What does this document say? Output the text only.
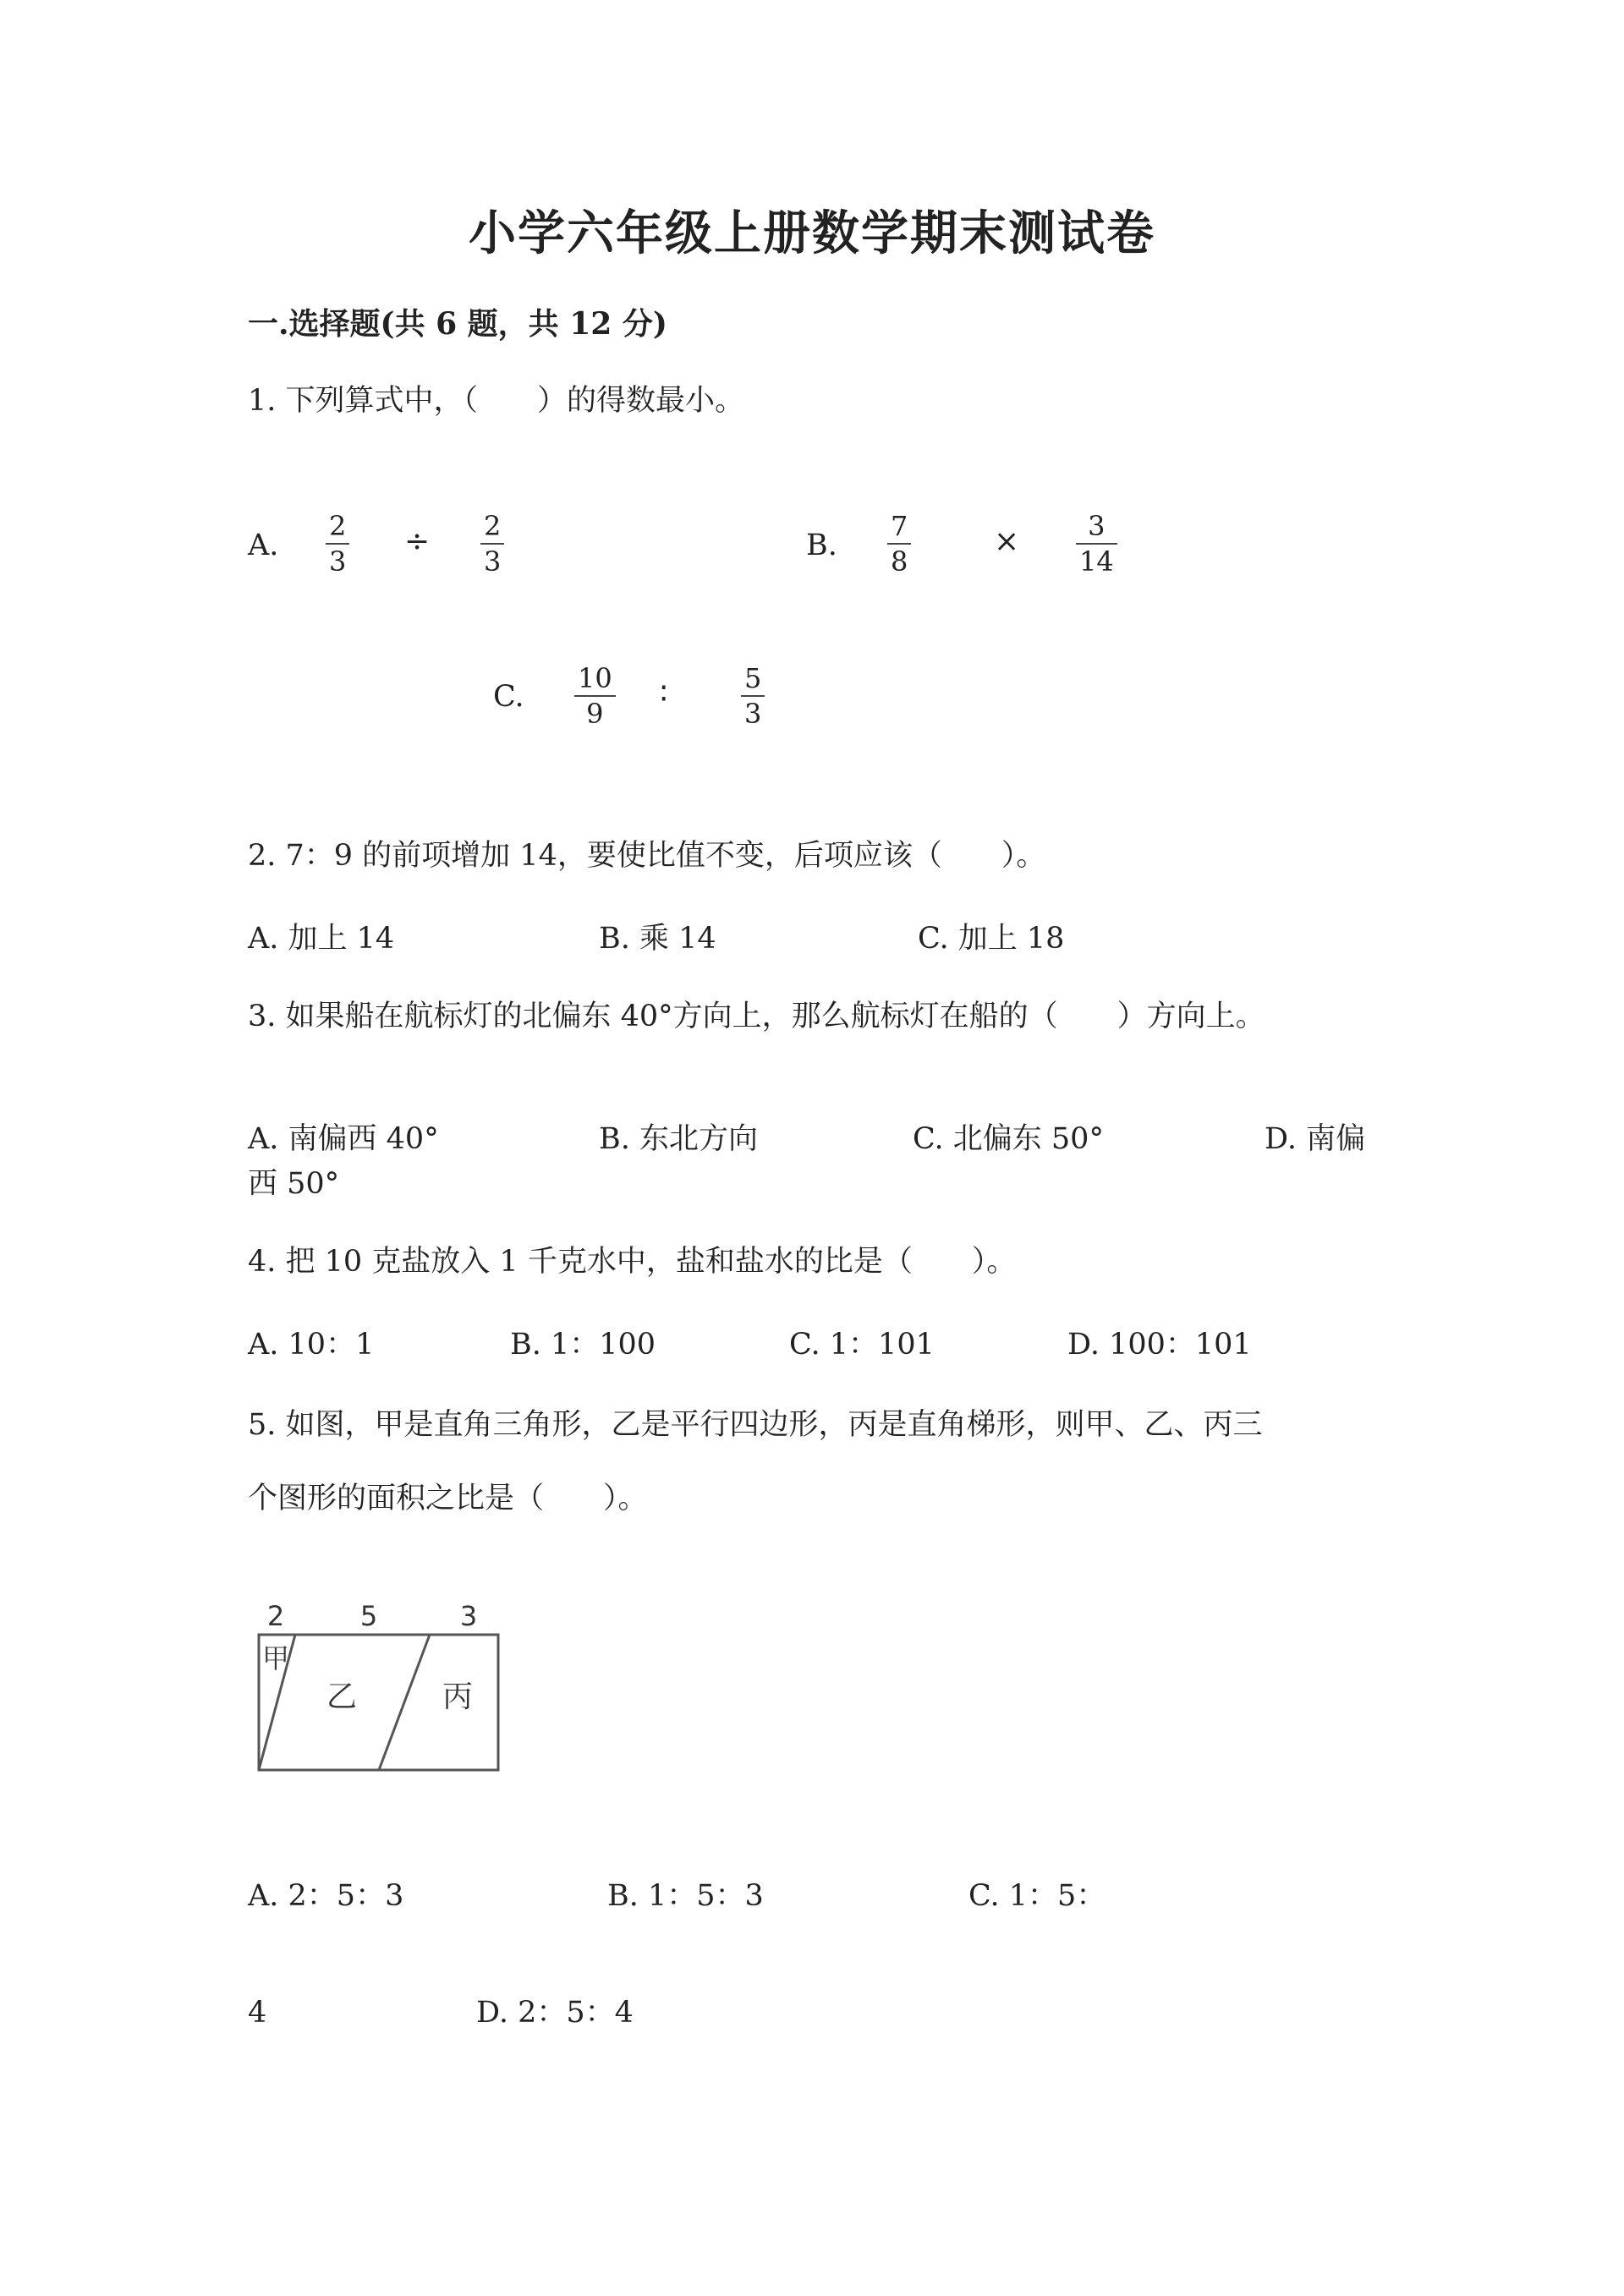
小学六年级上册数学期末测试卷
一.选择题(共 6 题，共 12 分)
1. 下列算式中，（　　）的得数最小。
A.
2
3
÷ 2
3	B.
7
8
×	3
14
C.
10
9
∶	5
3
2. 7：9 的前项增加 14，要使比值不变，后项应该（　　）。
A. 加上 14	B. 乘 14	C. 加上 18
3. 如果船在航标灯的北偏东 40°方向上，那么航标灯在船的（　　）方向上。
A. 南偏西 40°	B. 东北方向	C. 北偏东 50°	D. 南偏
西 50°
4. 把 10 克盐放入 1 千克水中，盐和盐水的比是（　　）。
A. 10：1	B. 1：100	C. 1：101	D. 100：101
5. 如图，甲是直角三角形，乙是平行四边形，丙是直角梯形，则甲、乙、丙三
个图形的面积之比是（　　）。
2	5	3
甲
乙	丙
A. 2：5：3	B. 1：5：3	C. 1：5：
4	D. 2：5：4
